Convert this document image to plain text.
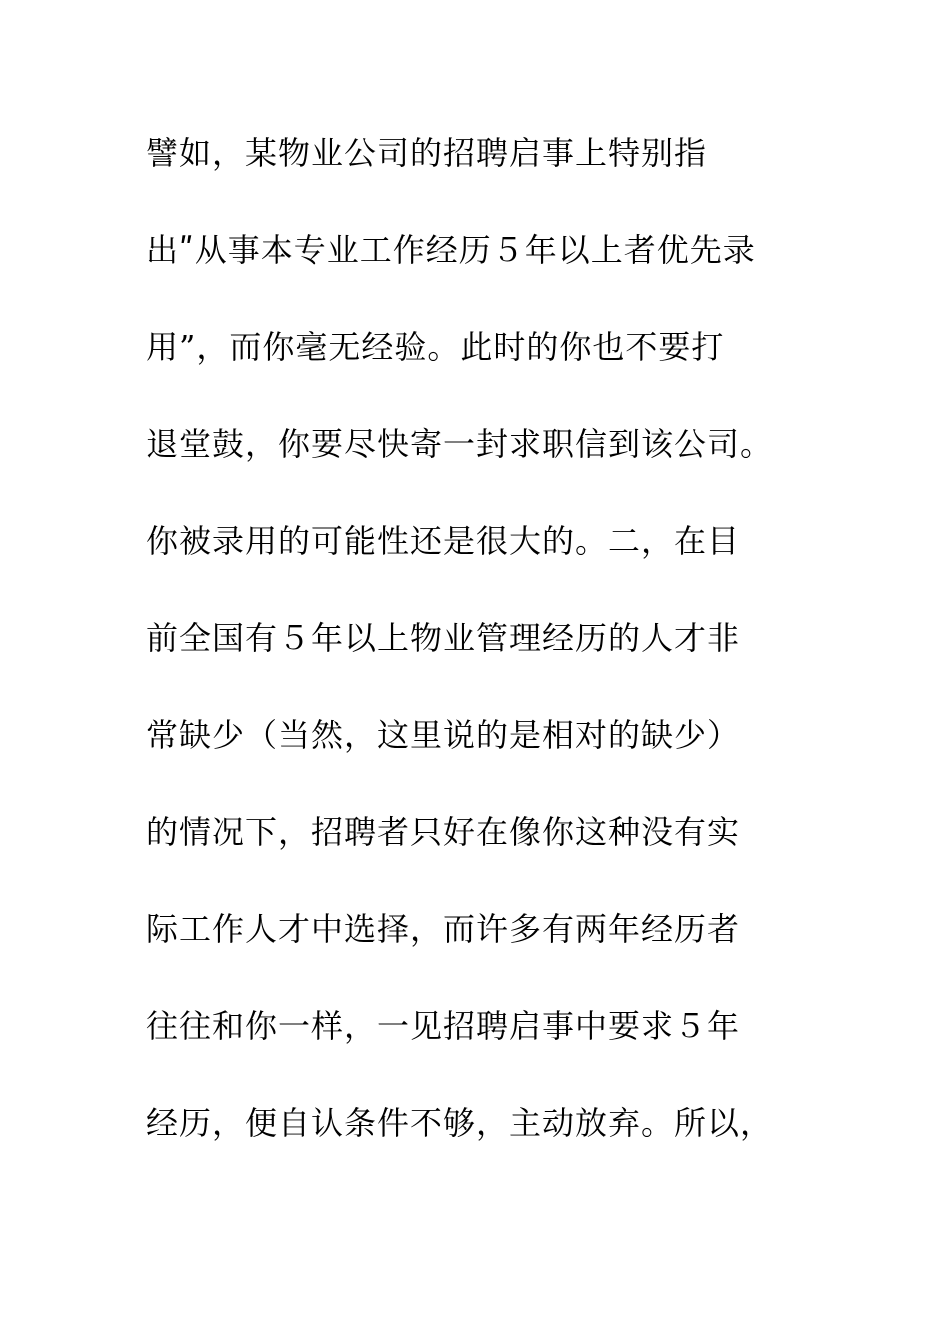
譬如，某物业公司的招聘启事上特别指
出ʺ从事本专业工作经历５年以上者优先录
用”，而你毫无经验。此时的你也不要打
退堂鼓，你要尽快寄一封求职信到该公司。
你被录用的可能性还是很大的。二，在目
前全国有５年以上物业管理经历的人才非
常缺少（当然，这里说的是相对的缺少）
的情况下，招聘者只好在像你这种没有实
际工作人才中选择，而许多有两年经历者
往往和你一样，一见招聘启事中要求５年
经历，便自认条件不够，主动放弃。所以，
